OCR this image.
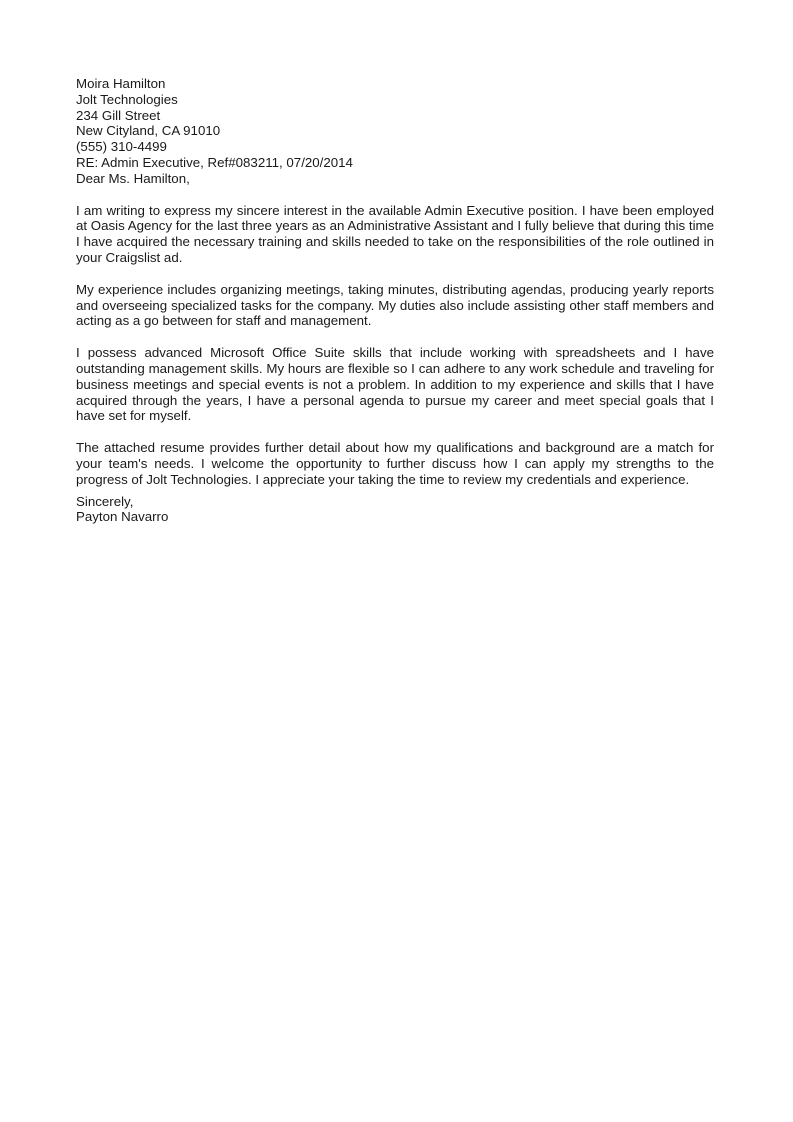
Moira Hamilton
Jolt Technologies
234 Gill Street
New Cityland, CA 91010
(555) 310-4499
RE: Admin Executive, Ref#083211, 07/20/2014

Dear Ms. Hamilton,

I am writing to express my sincere interest in the available Admin Executive position. I have been employed at Oasis Agency for the last three years as an Administrative Assistant and I fully believe that during this time I have acquired the necessary training and skills needed to take on the responsibilities of the role outlined in your Craigslist ad.

My experience includes organizing meetings, taking minutes, distributing agendas, producing yearly reports and overseeing specialized tasks for the company. My duties also include assisting other staff members and acting as a go between for staff and management.

I possess advanced Microsoft Office Suite skills that include working with spreadsheets and I have outstanding management skills. My hours are flexible so I can adhere to any work schedule and traveling for business meetings and special events is not a problem. In addition to my experience and skills that I have acquired through the years, I have a personal agenda to pursue my career and meet special goals that I have set for myself.

The attached resume provides further detail about how my qualifications and background are a match for your team's needs. I welcome the opportunity to further discuss how I can apply my strengths to the progress of Jolt Technologies. I appreciate your taking the time to review my credentials and experience.

Sincerely,
Payton Navarro
